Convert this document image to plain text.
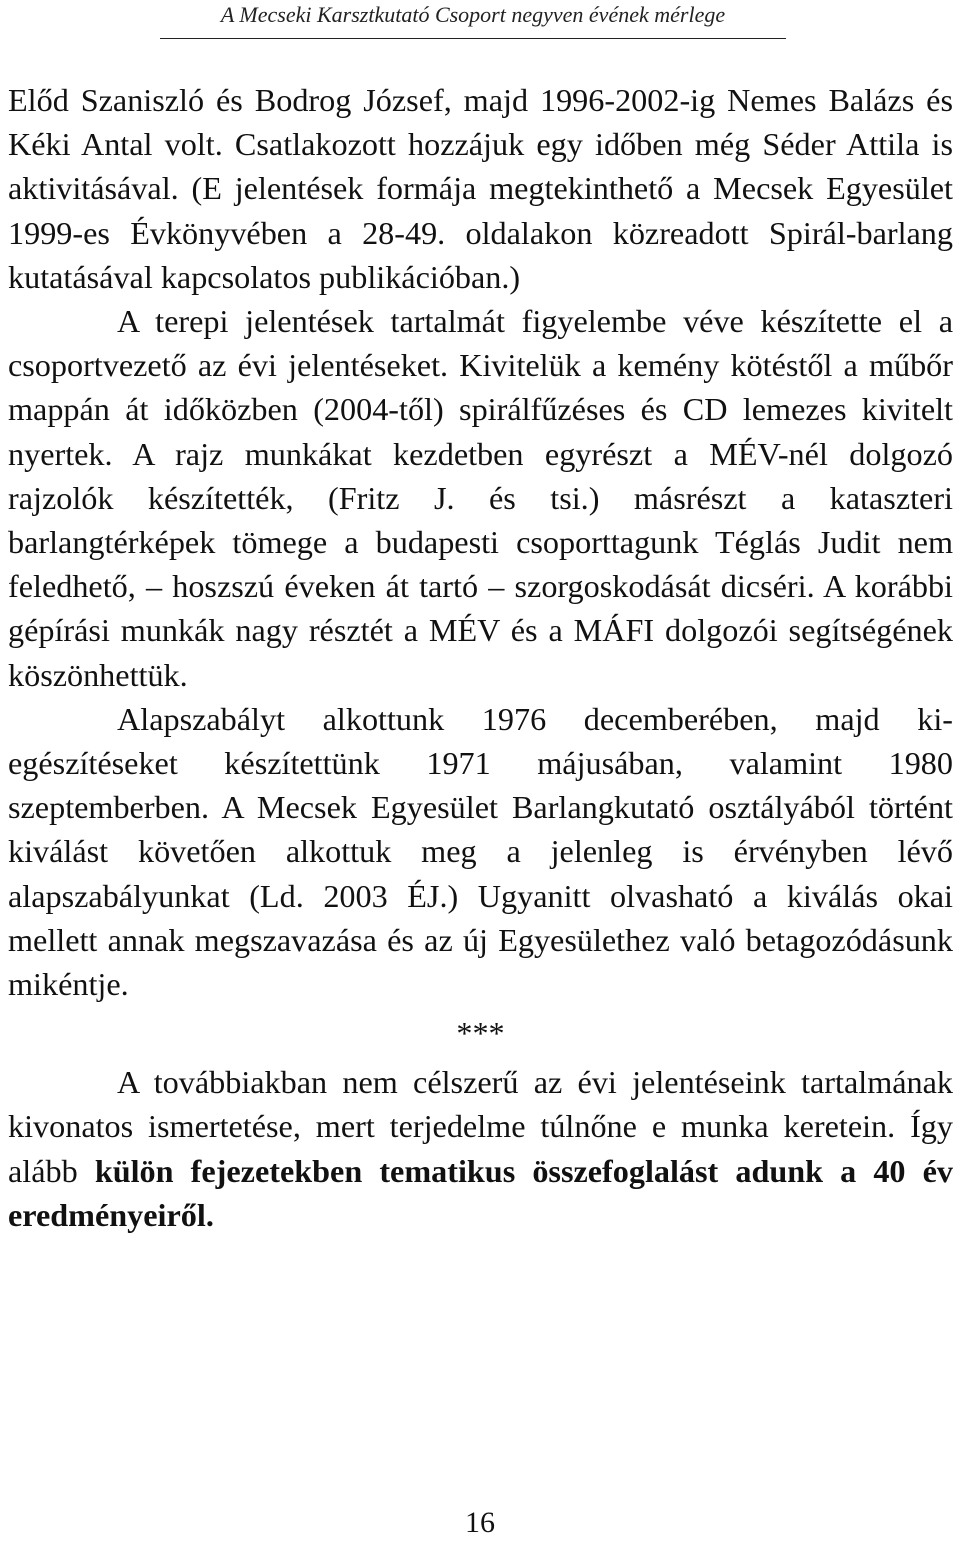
A Mecseki Karsztkutató Csoport negyven évének mérlege

Előd Szaniszló és Bodrog József, majd 1996-2002-ig Nemes Balázs és Kéki Antal volt. Csatlakozott hozzájuk egy időben még Séder Attila is aktivitásával. (E jelentések formája megtekinthető a Mecsek Egyesület 1999-es Évkönyvében a 28-49. oldalakon közreadott Spirál-barlang kutatásával kapcsolatos publikációban.)

A terepi jelentések tartalmát figyelembe véve készítette el a csoportvezető az évi jelentéseket. Kivitelük a kemény kötéstől a műbőr mappán át időközben (2004-től) spirálfűzéses és CD lemezes kivitelt nyertek. A rajz munkákat kezdetben egyrészt a MÉV-nél dolgozó rajzolók készítették, (Fritz J. és tsi.) másrészt a kataszteri barlangtérképek tömege a budapesti csoporttagunk Téglás Judit nem feledhető, – hoszszú éveken át tartó – szorgoskodását dicséri. A korábbi gépírási munkák nagy résztét a MÉV és a MÁFI dolgozói segítségének köszönhettük.

Alapszabályt alkottunk 1976 decemberében, majd kiegészítéseket készítettünk 1971 májusában, valamint 1980 szeptemberben. A Mecsek Egyesület Barlangkutató osztályából történt kiválást követően alkottuk meg a jelenleg is érvényben lévő alapszabályunkat (Ld. 2003 ÉJ.) Ugyanitt olvasható a kiválás okai mellett annak megszavazása és az új Egyesülethez való betagozódásunk mikéntje.

***

A továbbiakban nem célszerű az évi jelentéseink tartalmának kivonatos ismertetése, mert terjedelme túlnőne e munka keretein. Így alább külön fejezetekben tematikus összefoglalást adunk a 40 év eredményeiről.

16
